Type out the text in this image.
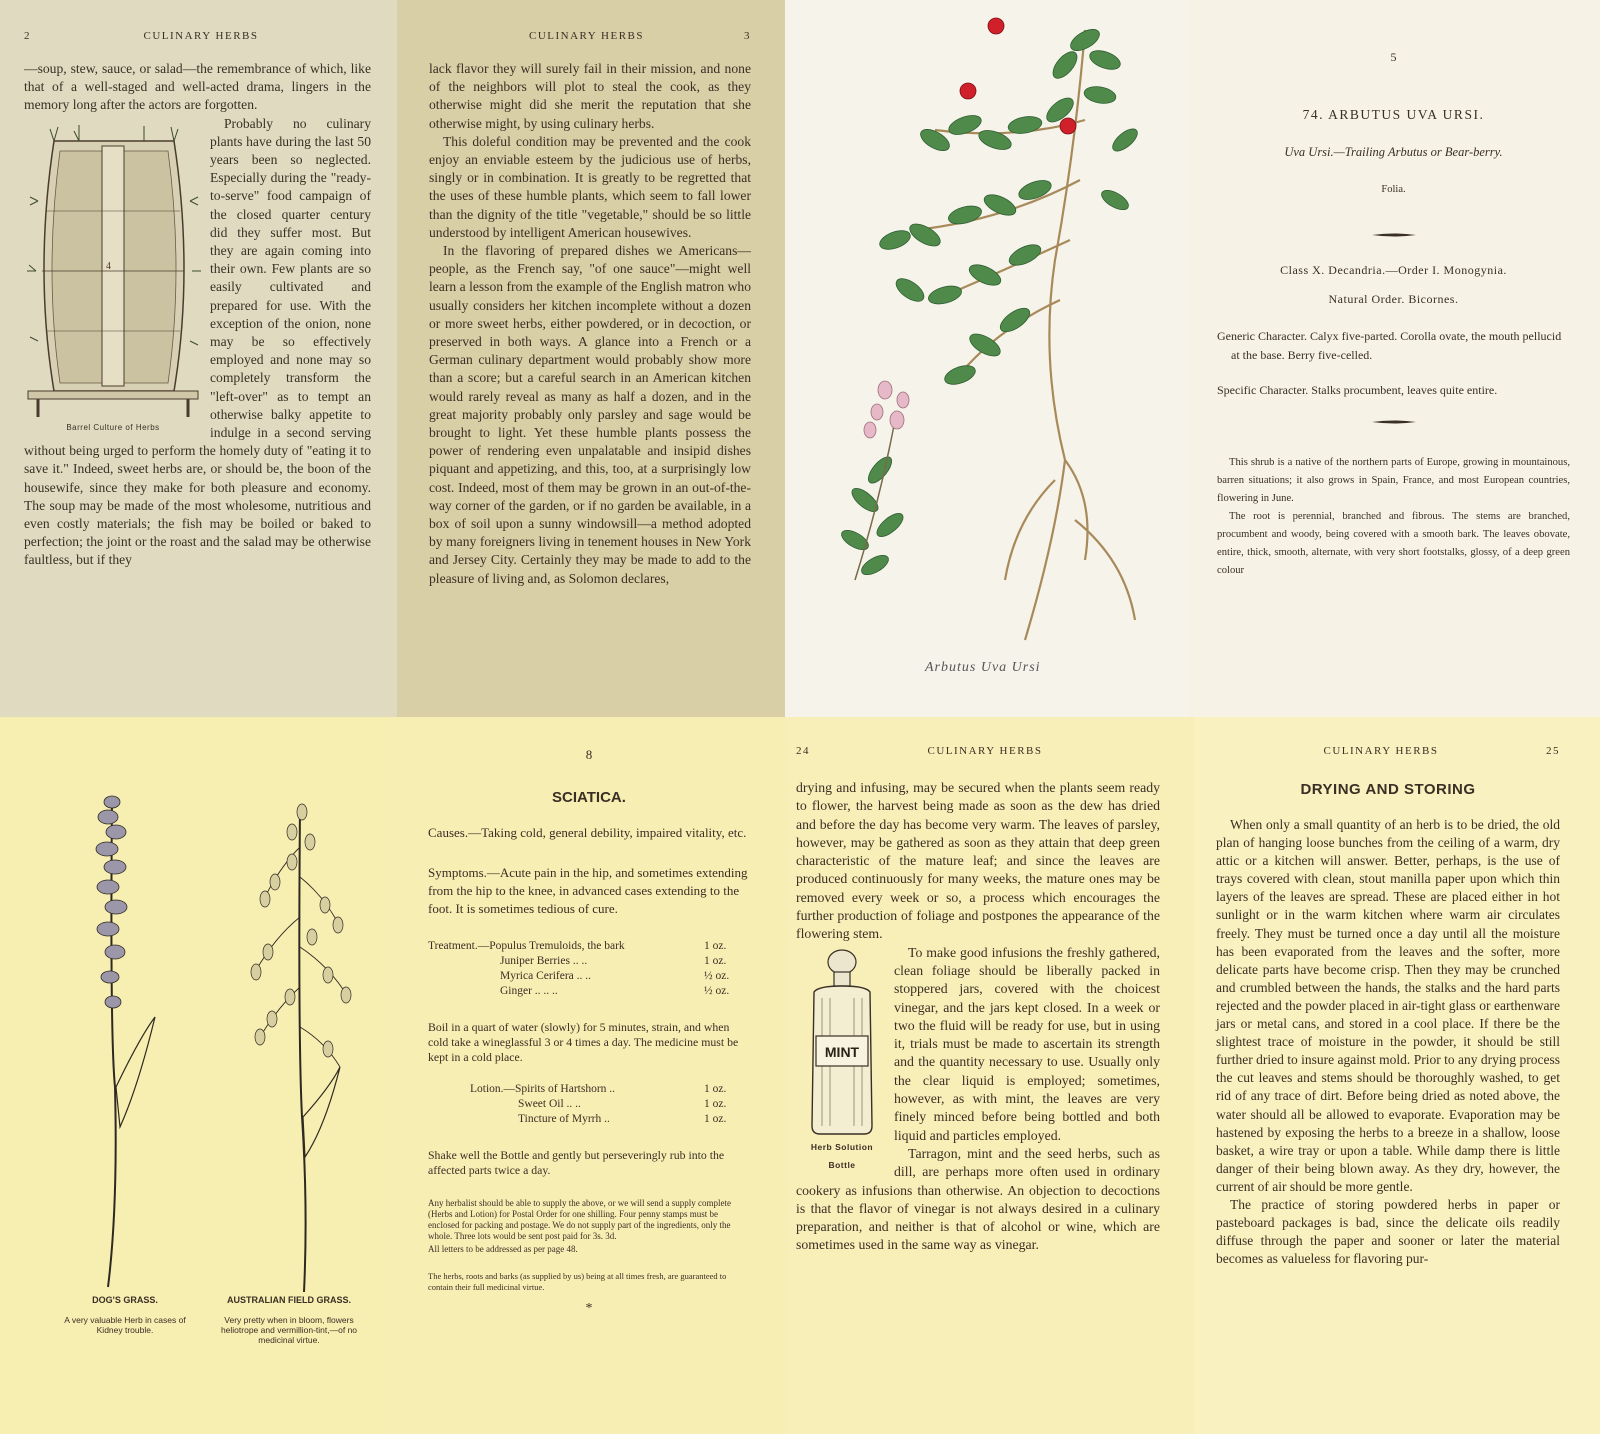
2	CULINARY HERBS

—soup, stew, sauce, or salad—the remembrance of which, like that of a well-staged and well-acted drama, lingers in the memory long after the actors are forgotten.

4
Barrel Culture of Herbs

Probably no culinary plants have during the last 50 years been so neglected. Especially during the "ready-to-serve" food campaign of the closed quarter century did they suffer most. But they are again coming into their own. Few plants are so easily cultivated and prepared for use. With the exception of the onion, none may be so effectively employed and none may so completely transform the "left-over" as to tempt an otherwise balky appetite to indulge in a second serving without being urged to perform the homely duty of "eating it to save it." Indeed, sweet herbs are, or should be, the boon of the housewife, since they make for both pleasure and economy. The soup may be made of the most wholesome, nutritious and even costly materials; the fish may be boiled or baked to perfection; the joint or the roast and the salad may be otherwise faultless, but if they

CULINARY HERBS	3

lack flavor they will surely fail in their mission, and none of the neighbors will plot to steal the cook, as they otherwise might did she merit the reputation that she otherwise might, by using culinary herbs.

This doleful condition may be prevented and the cook enjoy an enviable esteem by the judicious use of herbs, singly or in combination. It is greatly to be regretted that the uses of these humble plants, which seem to fall lower than the dignity of the title "vegetable," should be so little understood by intelligent American housewives.

In the flavoring of prepared dishes we Americans—people, as the French say, "of one sauce"—might well learn a lesson from the example of the English matron who usually considers her kitchen incomplete without a dozen or more sweet herbs, either powdered, or in decoction, or preserved in both ways. A glance into a French or a German culinary department would probably show more than a score; but a careful search in an American kitchen would rarely reveal as many as half a dozen, and in the great majority probably only parsley and sage would be brought to light. Yet these humble plants possess the power of rendering even unpalatable and insipid dishes piquant and appetizing, and this, too, at a surprisingly low cost. Indeed, most of them may be grown in an out-of-the-way corner of the garden, or if no garden be available, in a box of soil upon a sunny windowsill—a method adopted by many foreigners living in tenement houses in New York and Jersey City. Certainly they may be made to add to the pleasure of living and, as Solomon declares,

Arbutus Uva Ursi
5
74. ARBUTUS UVA URSI.
Uva Ursi.—Trailing Arbutus or Bear-berry.
Folia.
Class X. Decandria.—Order I. Monogynia.
Natural Order. Bicornes.
Generic Character. Calyx five-parted. Corolla ovate, the mouth pellucid at the base. Berry five-celled.
Specific Character. Stalks procumbent, leaves quite entire.

This shrub is a native of the northern parts of Europe, growing in mountainous, barren situations; it also grows in Spain, France, and most European countries, flowering in June.

The root is perennial, branched and fibrous. The stems are branched, procumbent and woody, being covered with a smooth bark. The leaves obovate, entire, thick, smooth, alternate, with very short footstalks, glossy, of a deep green colour

DOG'S GRASS.
A very valuable Herb in cases of Kidney trouble.
AUSTRALIAN FIELD GRASS.
Very pretty when in bloom, flowers heliotrope and vermillion-tint,—of no medicinal virtue.
8
SCIATICA.
Causes.—Taking cold, general debility, impaired vitality, etc.
Symptoms.—Acute pain in the hip, and sometimes extending from the hip to the knee, in advanced cases extending to the foot. It is sometimes tedious of cure.
Treatment.—Populus Tremuloids, the bark	1 oz.
Juniper Berries .. ..	1 oz.
Myrica Cerifera .. ..	½ oz.
Ginger .. .. ..	½ oz.
Boil in a quart of water (slowly) for 5 minutes, strain, and when cold take a wineglassful 3 or 4 times a day. The medicine must be kept in a cold place.
Lotion.—Spirits of Hartshorn ..	1 oz.
Sweet Oil .. ..	1 oz.
Tincture of Myrrh ..	1 oz.
Shake well the Bottle and gently but perseveringly rub into the affected parts twice a day.
Any herbalist should be able to supply the above, or we will send a supply complete (Herbs and Lotion) for Postal Order for one shilling. Four penny stamps must be enclosed for packing and postage. We do not supply part of the ingredients, only the whole. Three lots would be sent post paid for 3s. 3d.
All letters to be addressed as per page 48.
The herbs, roots and barks (as supplied by us) being at all times fresh, are guaranteed to contain their full medicinal virtue.
*
24	CULINARY HERBS

drying and infusing, may be secured when the plants seem ready to flower, the harvest being made as soon as the dew has dried and before the day has become very warm. The leaves of parsley, however, may be gathered as soon as they attain that deep green characteristic of the mature leaf; and since the leaves are produced continuously for many weeks, the mature ones may be removed every week or so, a process which encourages the further production of foliage and postpones the appearance of the flowering stem.

MINT
Herb Solution Bottle

To make good infusions the freshly gathered, clean foliage should be liberally packed in stoppered jars, covered with the choicest vinegar, and the jars kept closed. In a week or two the fluid will be ready for use, but in using it, trials must be made to ascertain its strength and the quantity necessary to use. Usually only the clear liquid is employed; sometimes, however, as with mint, the leaves are very finely minced before being bottled and both liquid and particles employed.

Tarragon, mint and the seed herbs, such as dill, are perhaps more often used in ordinary cookery as infusions than otherwise. An objection to decoctions is that the flavor of vinegar is not always desired in a culinary preparation, and neither is that of alcohol or wine, which are sometimes used in the same way as vinegar.

CULINARY HERBS	25
DRYING AND STORING

When only a small quantity of an herb is to be dried, the old plan of hanging loose bunches from the ceiling of a warm, dry attic or a kitchen will answer. Better, perhaps, is the use of trays covered with clean, stout manilla paper upon which thin layers of the leaves are spread. These are placed either in hot sunlight or in the warm kitchen where warm air circulates freely. They must be turned once a day until all the moisture has been evaporated from the leaves and the softer, more delicate parts have become crisp. Then they may be crunched and crumbled between the hands, the stalks and the hard parts rejected and the powder placed in air-tight glass or earthenware jars or metal cans, and stored in a cool place. If there be the slightest trace of moisture in the powder, it should be still further dried to insure against mold. Prior to any drying process the cut leaves and stems should be thoroughly washed, to get rid of any trace of dirt. Before being dried as noted above, the water should all be allowed to evaporate. Evaporation may be hastened by exposing the herbs to a breeze in a shallow, loose basket, a wire tray or upon a table. While damp there is little danger of their being blown away. As they dry, however, the current of air should be more gentle.

The practice of storing powdered herbs in paper or pasteboard packages is bad, since the delicate oils readily diffuse through the paper and sooner or later the material becomes as valueless for flavoring pur-
